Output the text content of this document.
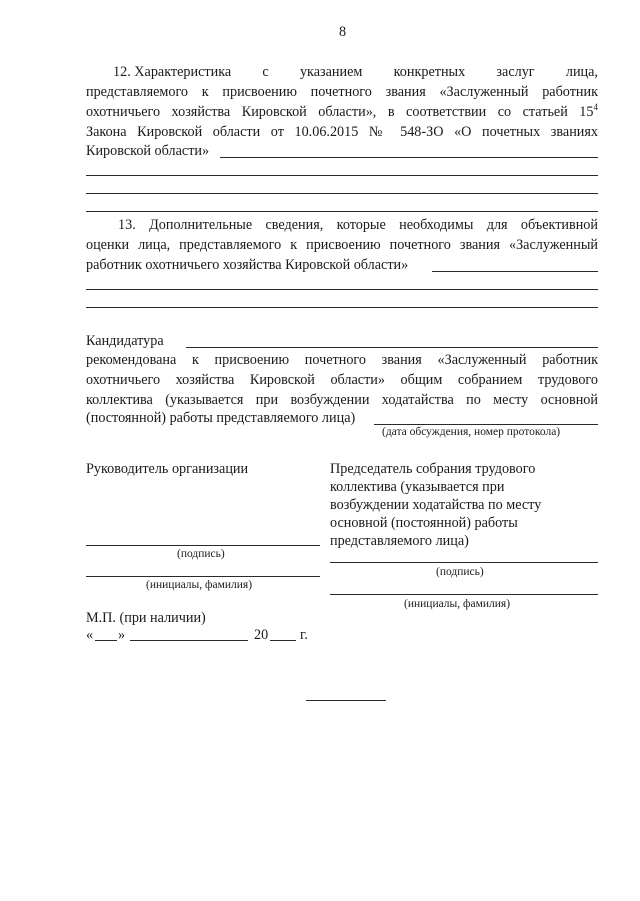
8
12. Характеристика с указанием конкретных заслуг лица,
представляемого к присвоению почетного звания «Заслуженный работник
охотничьего хозяйства Кировской области», в соответствии со статьей $15^4$
Закона Кировской области от 10.06.2015 № 548-ЗО «О почетных званиях
Кировской области»
13. Дополнительные сведения, которые необходимы для объективной
оценки лица, представляемого к присвоению почетного звания «Заслуженный
работник охотничьего хозяйства Кировской области»
Кандидатура
рекомендована к присвоению почетного звания «Заслуженный работник
охотничьего хозяйства Кировской области» общим собранием трудового
коллектива (указывается при возбуждении ходатайства по месту основной
(постоянной) работы представляемого лица)
(дата обсуждения, номер протокола)
Руководитель организации
(подпись)
(инициалы, фамилия)
Председатель собрания трудового
коллектива (указывается при
возбуждении ходатайства по месту
основной (постоянной) работы
представляемого лица)
(подпись)
(инициалы, фамилия)
М.П. (при наличии)
« »	20 г.
